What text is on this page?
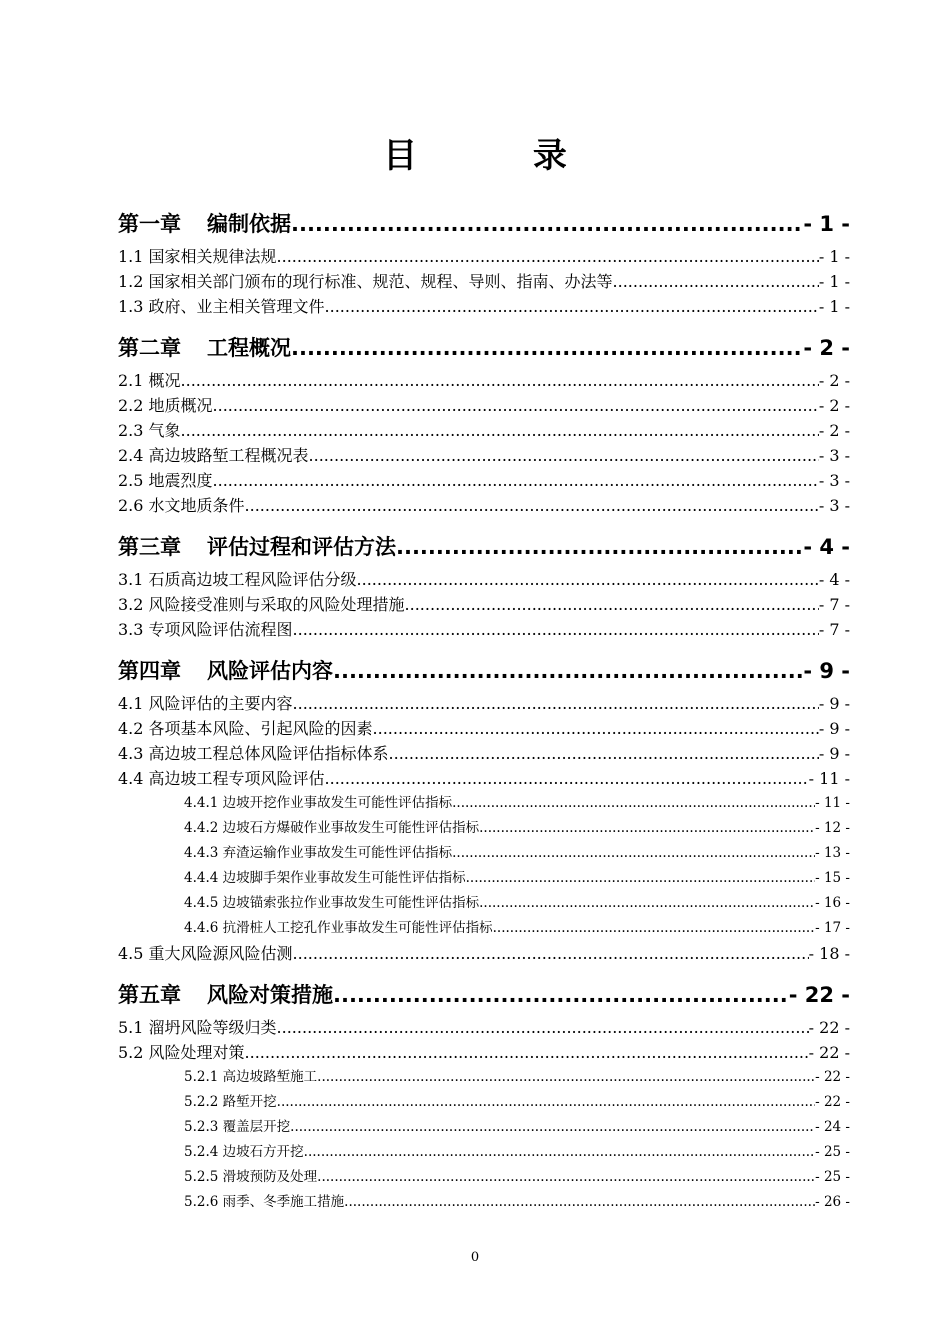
目 录
第一章 编制依据 .....	- 1 -
1.1 国家相关规律法规 .....	- 1 -
1.2 国家相关部门颁布的现行标准、规范、规程、导则、指南、办法等 .....	- 1 -
1.3 政府、业主相关管理文件 .....	- 1 -
第二章 工程概况 .....	- 2 -
2.1 概况 .....	- 2 -
2.2 地质概况 .....	- 2 -
2.3 气象 .....	- 2 -
2.4 高边坡路堑工程概况表 .....	- 3 -
2.5 地震烈度 .....	- 3 -
2.6 水文地质条件 .....	- 3 -
第三章 评估过程和评估方法 .....	- 4 -
3.1 石质高边坡工程风险评估分级 .....	- 4 -
3.2 风险接受准则与采取的风险处理措施 .....	- 7 -
3.3 专项风险评估流程图 .....	- 7 -
第四章 风险评估内容 .....	- 9 -
4.1 风险评估的主要内容 .....	- 9 -
4.2 各项基本风险、引起风险的因素 .....	- 9 -
4.3 高边坡工程总体风险评估指标体系 .....	- 9 -
4.4 高边坡工程专项风险评估 .....	- 11 -
4.4.1 边坡开挖作业事故发生可能性评估指标 .....	- 11 -
4.4.2 边坡石方爆破作业事故发生可能性评估指标 .....	- 12 -
4.4.3 弃渣运输作业事故发生可能性评估指标 .....	- 13 -
4.4.4 边坡脚手架作业事故发生可能性评估指标 .....	- 15 -
4.4.5 边坡锚索张拉作业事故发生可能性评估指标 .....	- 16 -
4.4.6 抗滑桩人工挖孔作业事故发生可能性评估指标 .....	- 17 -
4.5 重大风险源风险估测 .....	- 18 -
第五章 风险对策措施 .....	- 22 -
5.1 溜坍风险等级归类 .....	- 22 -
5.2 风险处理对策 .....	- 22 -
5.2.1 高边坡路堑施工 .....	- 22 -
5.2.2 路堑开挖 .....	- 22 -
5.2.3 覆盖层开挖 .....	- 24 -
5.2.4 边坡石方开挖 .....	- 25 -
5.2.5 滑坡预防及处理 .....	- 25 -
5.2.6 雨季、冬季施工措施 .....	- 26 -
0
